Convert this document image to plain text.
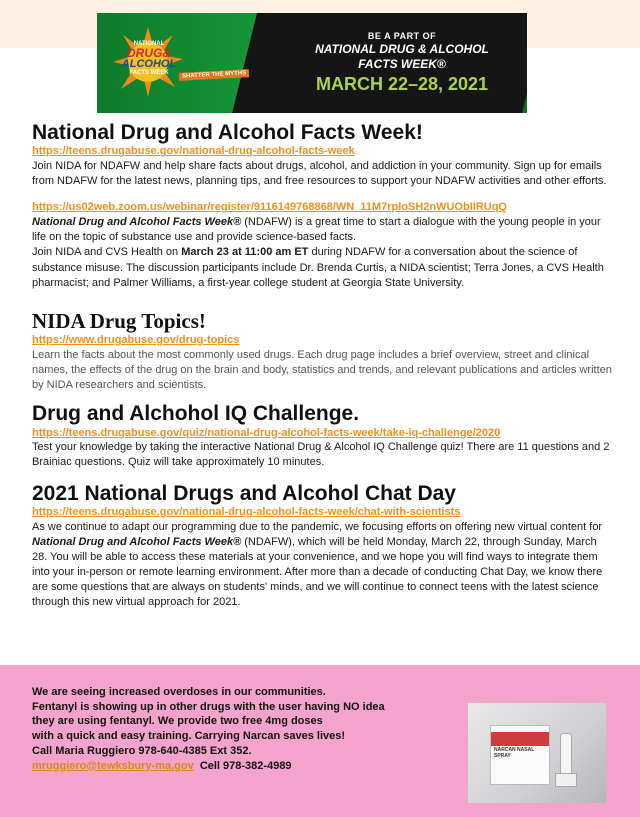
NATIONAL
DRUG&
ALCOHOL
FACTS WEEK	SHATTER THE MYTHS
BE A PART OF
NATIONAL DRUG & ALCOHOL
FACTS WEEK®
MARCH 22–28, 2021
National Drug and Alcohol Facts Week!
https://teens.drugabuse.gov/national-drug-alcohol-facts-week

Join NIDA for NDAFW and help share facts about drugs, alcohol, and addiction in your community. Sign up for emails from NDAFW for the latest news, planning tips, and free resources to support your NDAFW activities and other efforts.

https://us02web.zoom.us/webinar/register/9116149768868/WN_11M7rploSH2nWUObIIRUqQ

National Drug and Alcohol Facts Week® (NDAFW) is a great time to start a dialogue with the young people in your life on the topic of substance use and provide science-based facts.

Join NIDA and CVS Health on March 23 at 11:00 am ET during NDAFW for a conversation about the science of substance misuse. The discussion participants include Dr. Brenda Curtis, a NIDA scientist; Terra Jones, a CVS Health pharmacist; and Palmer Williams, a first-year college student at Georgia State University.

NIDA Drug Topics!
https://www.drugabuse.gov/drug-topics

Learn the facts about the most commonly used drugs. Each drug page includes a brief overview, street and clinical names, the effects of the drug on the brain and body, statistics and trends, and relevant publications and articles written by NIDA researchers and scientists.

Drug and Alchohol IQ Challenge.
https://teens.drugabuse.gov/quiz/national-drug-alcohol-facts-week/take-iq-challenge/2020

Test your knowledge by taking the interactive National Drug & Alcohol IQ Challenge quiz! There are 11 questions and 2 Brainiac questions. Quiz will take approximately 10 minutes.

2021 National Drugs and Alcohol Chat Day
https://teens.drugabuse.gov/national-drug-alcohol-facts-week/chat-with-scientists

As we continue to adapt our programming due to the pandemic, we focusing efforts on offering new virtual content for National Drug and Alcohol Facts Week® (NDAFW), which will be held Monday, March 22, through Sunday, March 28. You will be able to access these materials at your convenience, and we hope you will find ways to integrate them into your in-person or remote learning environment. After more than a decade of conducting Chat Day, we know there are some questions that are always on students' minds, and we will continue to connect teens with the latest science through this new virtual approach for 2021.

We are seeing increased overdoses in our communities.
Fentanyl is showing up in other drugs with the user having NO idea
they are using fentanyl. We provide two free 4mg doses
with a quick and easy training. Carrying Narcan saves lives!
Call Maria Ruggiero 978-640-4385 Ext 352.
mruggiero@tewksbury-ma.gov  Cell 978-382-4989
NARCAN NASAL SPRAY
